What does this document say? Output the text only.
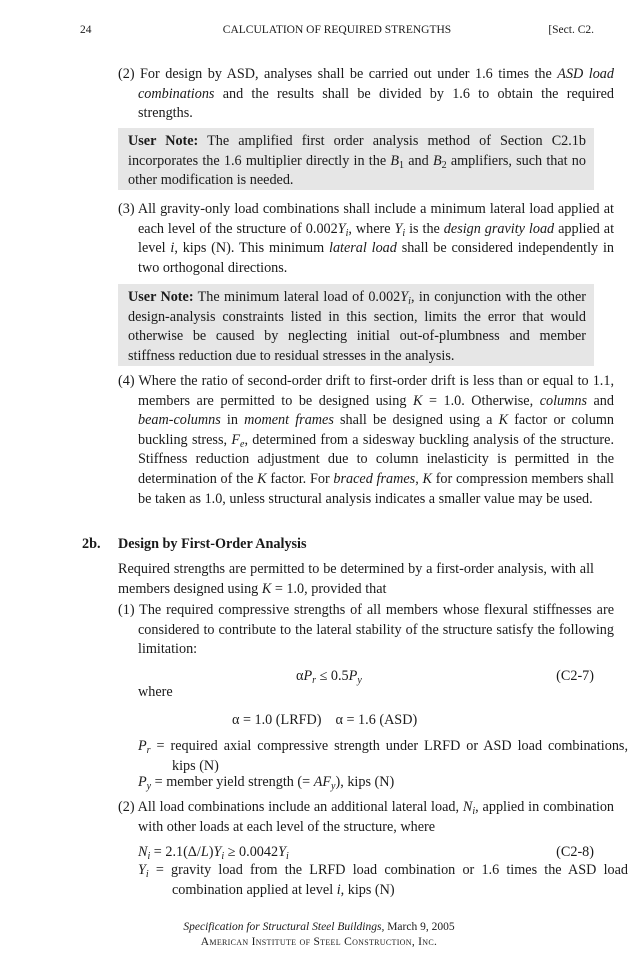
24	CALCULATION OF REQUIRED STRENGTHS	[Sect. C2.
(2) For design by ASD, analyses shall be carried out under 1.6 times the ASD load combinations and the results shall be divided by 1.6 to obtain the required strengths.
User Note: The amplified first order analysis method of Section C2.1b incorporates the 1.6 multiplier directly in the $B_1$ and $B_2$ amplifiers, such that no other modification is needed.
(3) All gravity-only load combinations shall include a minimum lateral load applied at each level of the structure of $0.002Y_i$, where $Y_i$ is the design gravity load applied at level i, kips (N). This minimum lateral load shall be considered independently in two orthogonal directions.
User Note: The minimum lateral load of $0.002Y_i$, in conjunction with the other design-analysis constraints listed in this section, limits the error that would otherwise be caused by neglecting initial out-of-plumbness and member stiffness reduction due to residual stresses in the analysis.
(4) Where the ratio of second-order drift to first-order drift is less than or equal to 1.1, members are permitted to be designed using K = 1.0. Otherwise, columns and beam-columns in moment frames shall be designed using a K factor or column buckling stress, $F_e$, determined from a sidesway buckling analysis of the structure. Stiffness reduction adjustment due to column inelasticity is permitted in the determination of the K factor. For braced frames, K for compression members shall be taken as 1.0, unless structural analysis indicates a smaller value may be used.
2b. Design by First-Order Analysis
Required strengths are permitted to be determined by a first-order analysis, with all members designed using K = 1.0, provided that
(1) The required compressive strengths of all members whose flexural stiffnesses are considered to contribute to the lateral stability of the structure satisfy the following limitation:
$\alpha P_r \le 0.5P_y$	(C2-7)
where
α = 1.0 (LRFD) α = 1.6 (ASD)
$P_r$ = required axial compressive strength under LRFD or ASD load combinations, kips (N)
$P_y$ = member yield strength (= $AF_y$), kips (N)
(2) All load combinations include an additional lateral load, $N_i$, applied in combination with other loads at each level of the structure, where
$N_i = 2.1(\Delta/L)Y_i \ge 0.0042Y_i$	(C2-8)
$Y_i$ = gravity load from the LRFD load combination or 1.6 times the ASD load combination applied at level i, kips (N)
Specification for Structural Steel Buildings, March 9, 2005
American Institute of Steel Construction, Inc.
